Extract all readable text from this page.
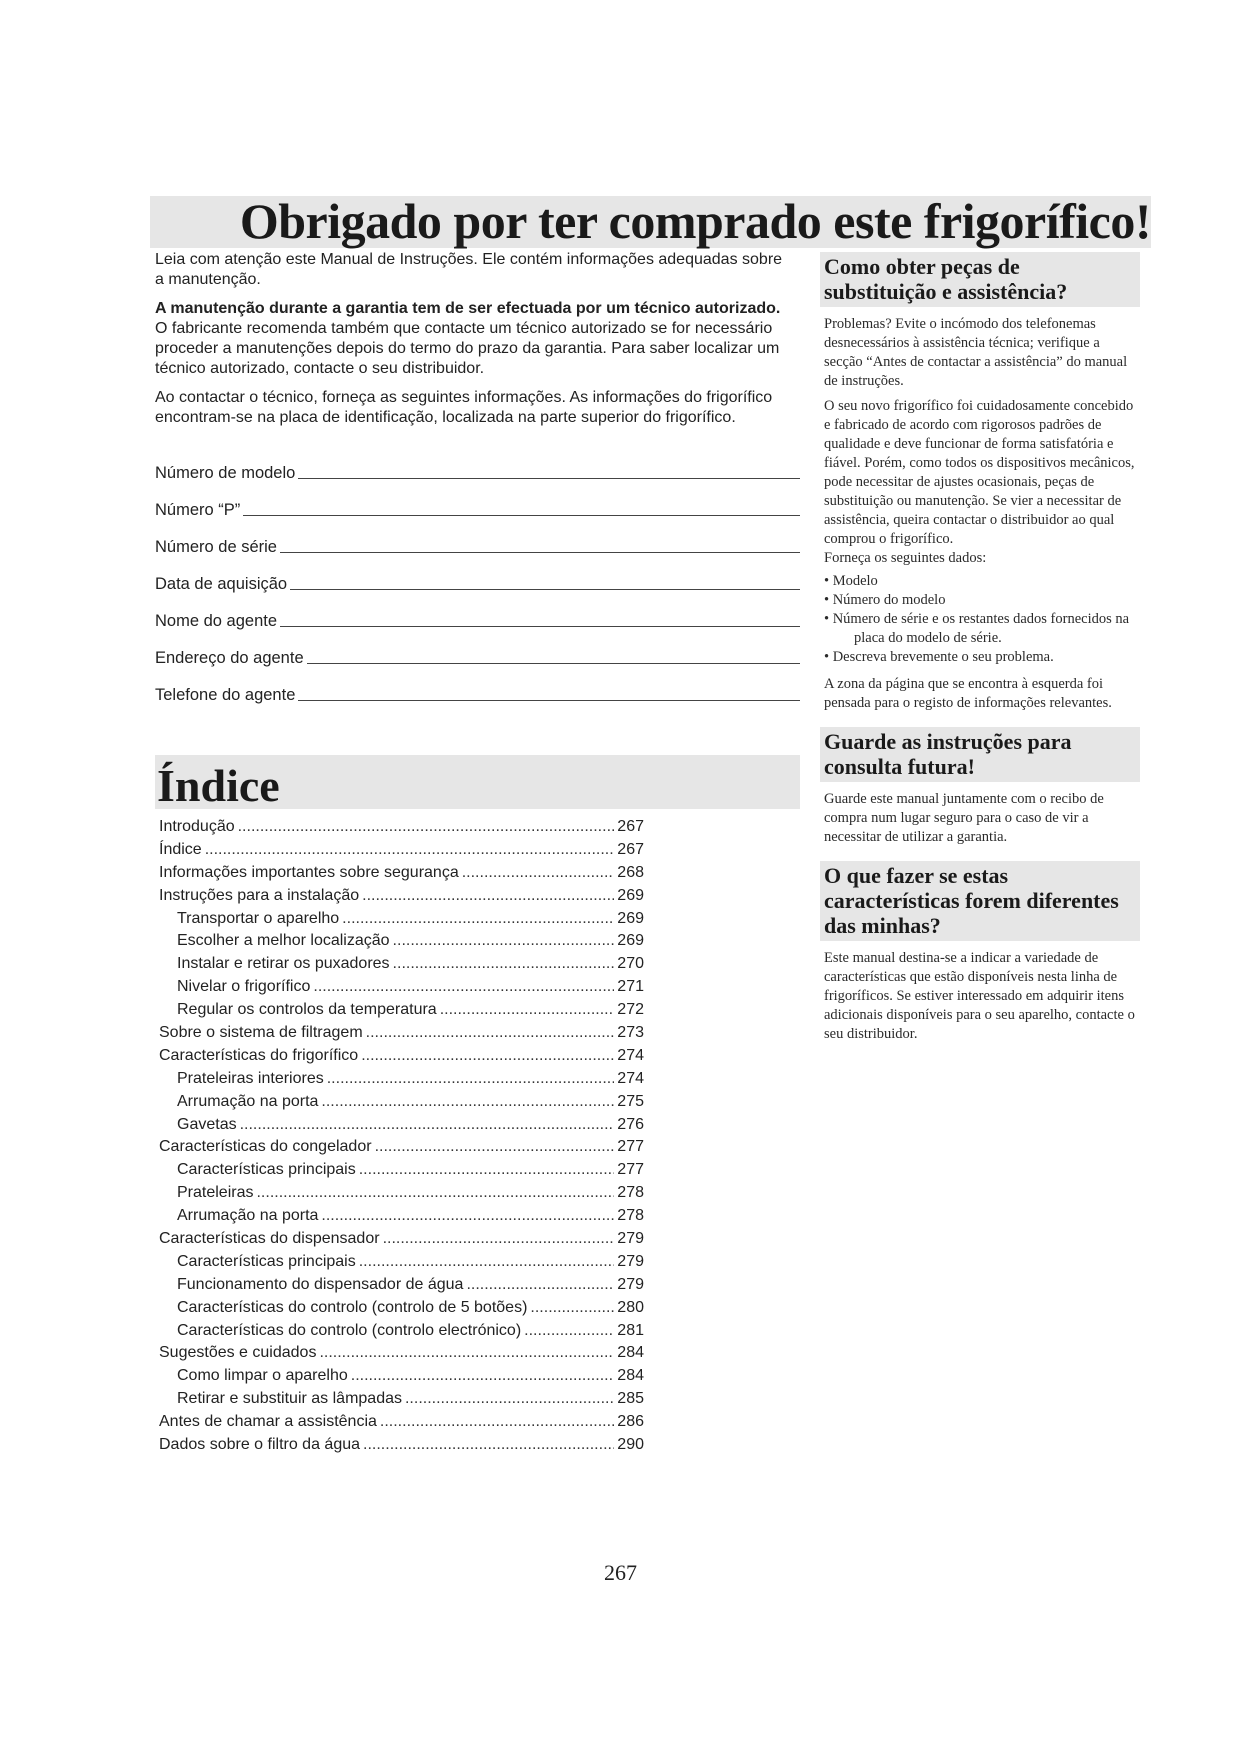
Obrigado por ter comprado este frigorífico!

Leia com atenção este Manual de Instruções. Ele contém informações adequadas sobre a manutenção.

A manutenção durante a garantia tem de ser efectuada por um técnico autorizado. O fabricante recomenda também que contacte um técnico autorizado se for necessário proceder a manutenções depois do termo do prazo da garantia. Para saber localizar um técnico autorizado, contacte o seu distribuidor.

Ao contactar o técnico, forneça as seguintes informações. As informações do frigorífico encontram-se na placa de identificação, localizada na parte superior do frigorífico.

Número de modelo
Número “P”
Número de série
Data de aquisição
Nome do agente
Endereço do agente
Telefone do agente
Índice
Introdução .....	267
Índice .....	267
Informações importantes sobre segurança .....	268
Instruções para a instalação .....	269
Transportar o aparelho .....	269
Escolher a melhor localização .....	269
Instalar e retirar os puxadores .....	270
Nivelar o frigorífico .....	271
Regular os controlos da temperatura .....	272
Sobre o sistema de filtragem .....	273
Características do frigorífico .....	274
Prateleiras interiores .....	274
Arrumação na porta .....	275
Gavetas .....	276
Características do congelador .....	277
Características principais .....	277
Prateleiras .....	278
Arrumação na porta .....	278
Características do dispensador .....	279
Características principais .....	279
Funcionamento do dispensador de água .....	279
Características do controlo (controlo de 5 botões) .....	280
Características do controlo (controlo electrónico) .....	281
Sugestões e cuidados .....	284
Como limpar o aparelho .....	284
Retirar e substituir as lâmpadas .....	285
Antes de chamar a assistência .....	286
Dados sobre o filtro da água .....	290
Como obter peças de substituição e assistência?

Problemas? Evite o incómodo dos telefonemas desnecessários à assistência técnica; verifique a secção “Antes de contactar a assistência” do manual de instruções.

O seu novo frigorífico foi cuidadosamente concebido e fabricado de acordo com rigorosos padrões de qualidade e deve funcionar de forma satisfatória e fiável. Porém, como todos os dispositivos mecânicos, pode necessitar de ajustes ocasionais, peças de substituição ou manutenção. Se vier a necessitar de assistência, queira contactar o distribuidor ao qual comprou o frigorífico.

Forneça os seguintes dados:

• Modelo
• Número do modelo
• Número de série e os restantes dados fornecidos na placa do modelo de série.
• Descreva brevemente o seu problema.

A zona da página que se encontra à esquerda foi pensada para o registo de informações relevantes.

Guarde as instruções para consulta futura!

Guarde este manual juntamente com o recibo de compra num lugar seguro para o caso de vir a necessitar de utilizar a garantia.

O que fazer se estas características forem diferentes das minhas?

Este manual destina-se a indicar a variedade de características que estão disponíveis nesta linha de frigoríficos. Se estiver interessado em adquirir itens adicionais disponíveis para o seu aparelho, contacte o seu distribuidor.

267
